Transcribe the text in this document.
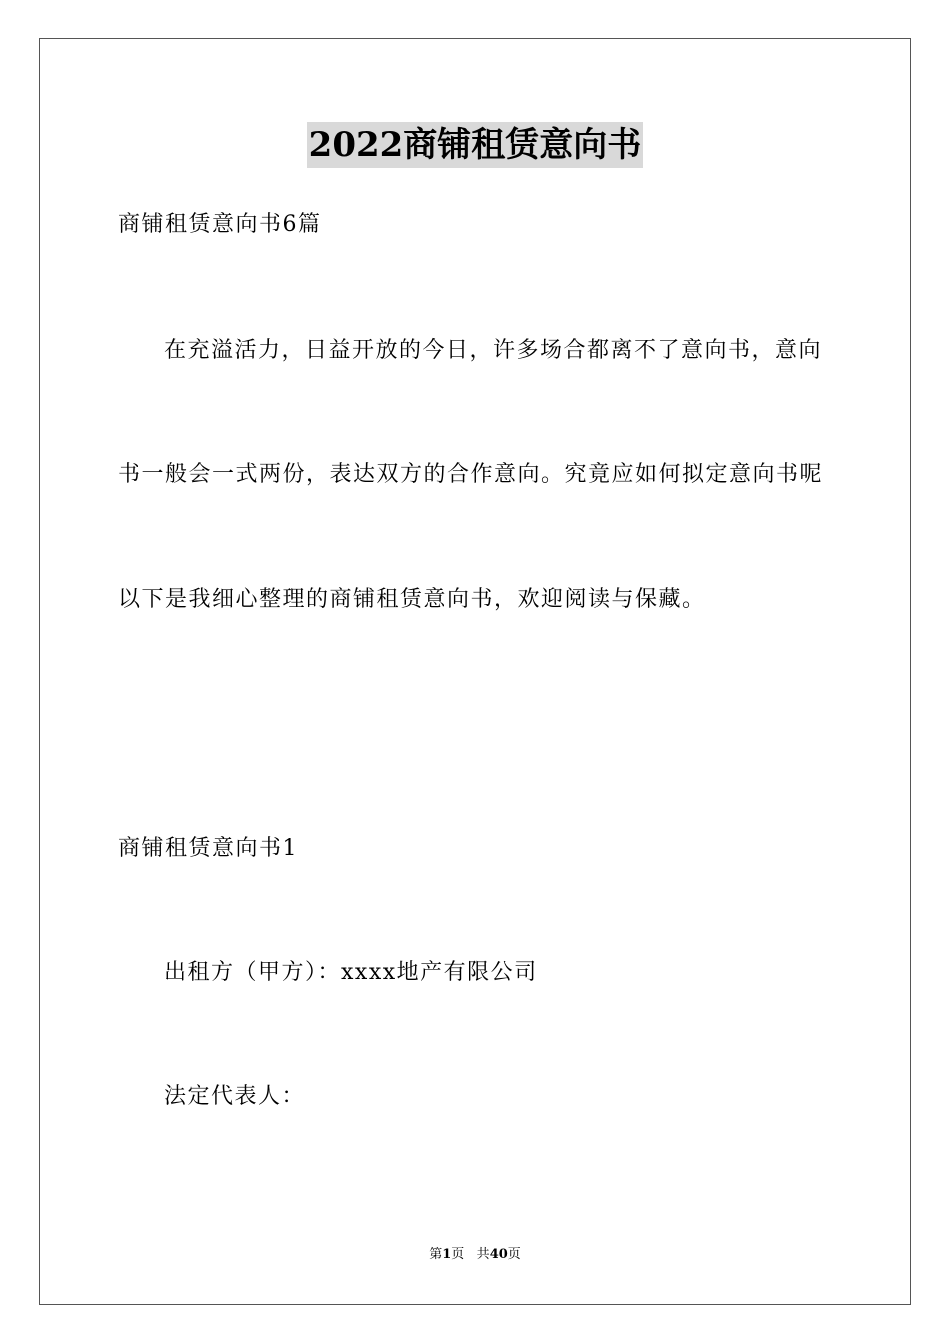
2022商铺租赁意向书
商铺租赁意向书6篇
在充溢活力，日益开放的今日，许多场合都离不了意向书，意向
书一般会一式两份，表达双方的合作意向。究竟应如何拟定意向书呢
以下是我细心整理的商铺租赁意向书，欢迎阅读与保藏。
商铺租赁意向书1
出租方（甲方）：xxxx地产有限公司
法定代表人：
第1页 共40页
